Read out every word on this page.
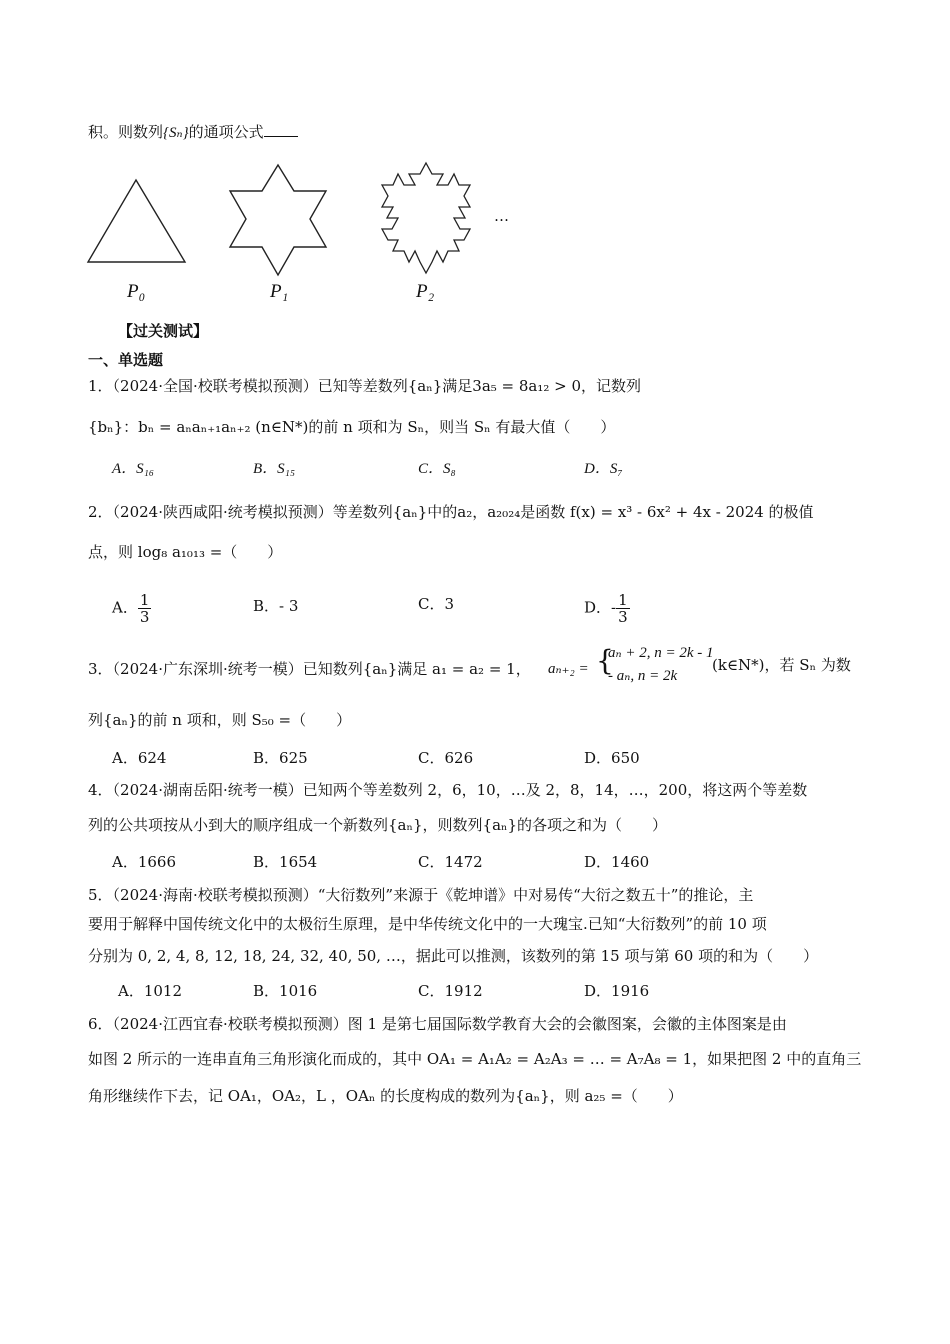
积。则数列{Sₙ}的通项公式
…
P₀	P₁	P₂
【过关测试】
一、单选题
1．（2024·全国·校联考模拟预测）已知等差数列{aₙ}满足3a₅ = 8a₁₂ > 0，记数列
{bₙ}：bₙ = aₙaₙ₊₁aₙ₊₂ (n∈N*)的前 n 项和为 Sₙ，则当 Sₙ 有最大值（　　）
A．S₁₆	B．S₁₅	C．S₈	D．S₇
2．（2024·陕西咸阳·统考模拟预测）等差数列{aₙ}中的a₂，a₂₀₂₄是函数 f(x) = x³ - 6x² + 4x - 2024 的极值
点，则 log₈ a₁₀₁₃ =（　　）
A． $\frac{1}{3}$	B．- 3	C．3	D．- $\frac{1}{3}$
3．（2024·广东深圳·统考一模）已知数列{aₙ}满足 a₁ = a₂ = 1， aₙ₊₂ = {
aₙ + 2, n = 2k - 1
- aₙ, n = 2k
(k∈N*)，若 Sₙ 为数
列{aₙ}的前 n 项和，则 S₅₀ =（　　）
A．624	B．625	C．626	D．650
4．（2024·湖南岳阳·统考一模）已知两个等差数列 2，6，10，…及 2，8，14，…，200，将这两个等差数
列的公共项按从小到大的顺序组成一个新数列{aₙ}，则数列{aₙ}的各项之和为（　　）
A．1666	B．1654	C．1472	D．1460
5．（2024·海南·校联考模拟预测）“大衍数列”来源于《乾坤谱》中对易传“大衍之数五十”的推论，主
要用于解释中国传统文化中的太极衍生原理，是中华传统文化中的一大瑰宝.已知“大衍数列”的前 10 项
分别为 0, 2, 4, 8, 12, 18, 24, 32, 40, 50, …，据此可以推测，该数列的第 15 项与第 60 项的和为（　　）
A．1012	B．1016	C．1912	D．1916
6．（2024·江西宜春·校联考模拟预测）图 1 是第七届国际数学教育大会的会徽图案，会徽的主体图案是由
如图 2 所示的一连串直角三角形演化而成的，其中 OA₁ = A₁A₂ = A₂A₃ = … = A₇A₈ = 1，如果把图 2 中的直角三
角形继续作下去，记 OA₁，OA₂，L ，OAₙ 的长度构成的数列为{aₙ}，则 a₂₅ =（　　）
